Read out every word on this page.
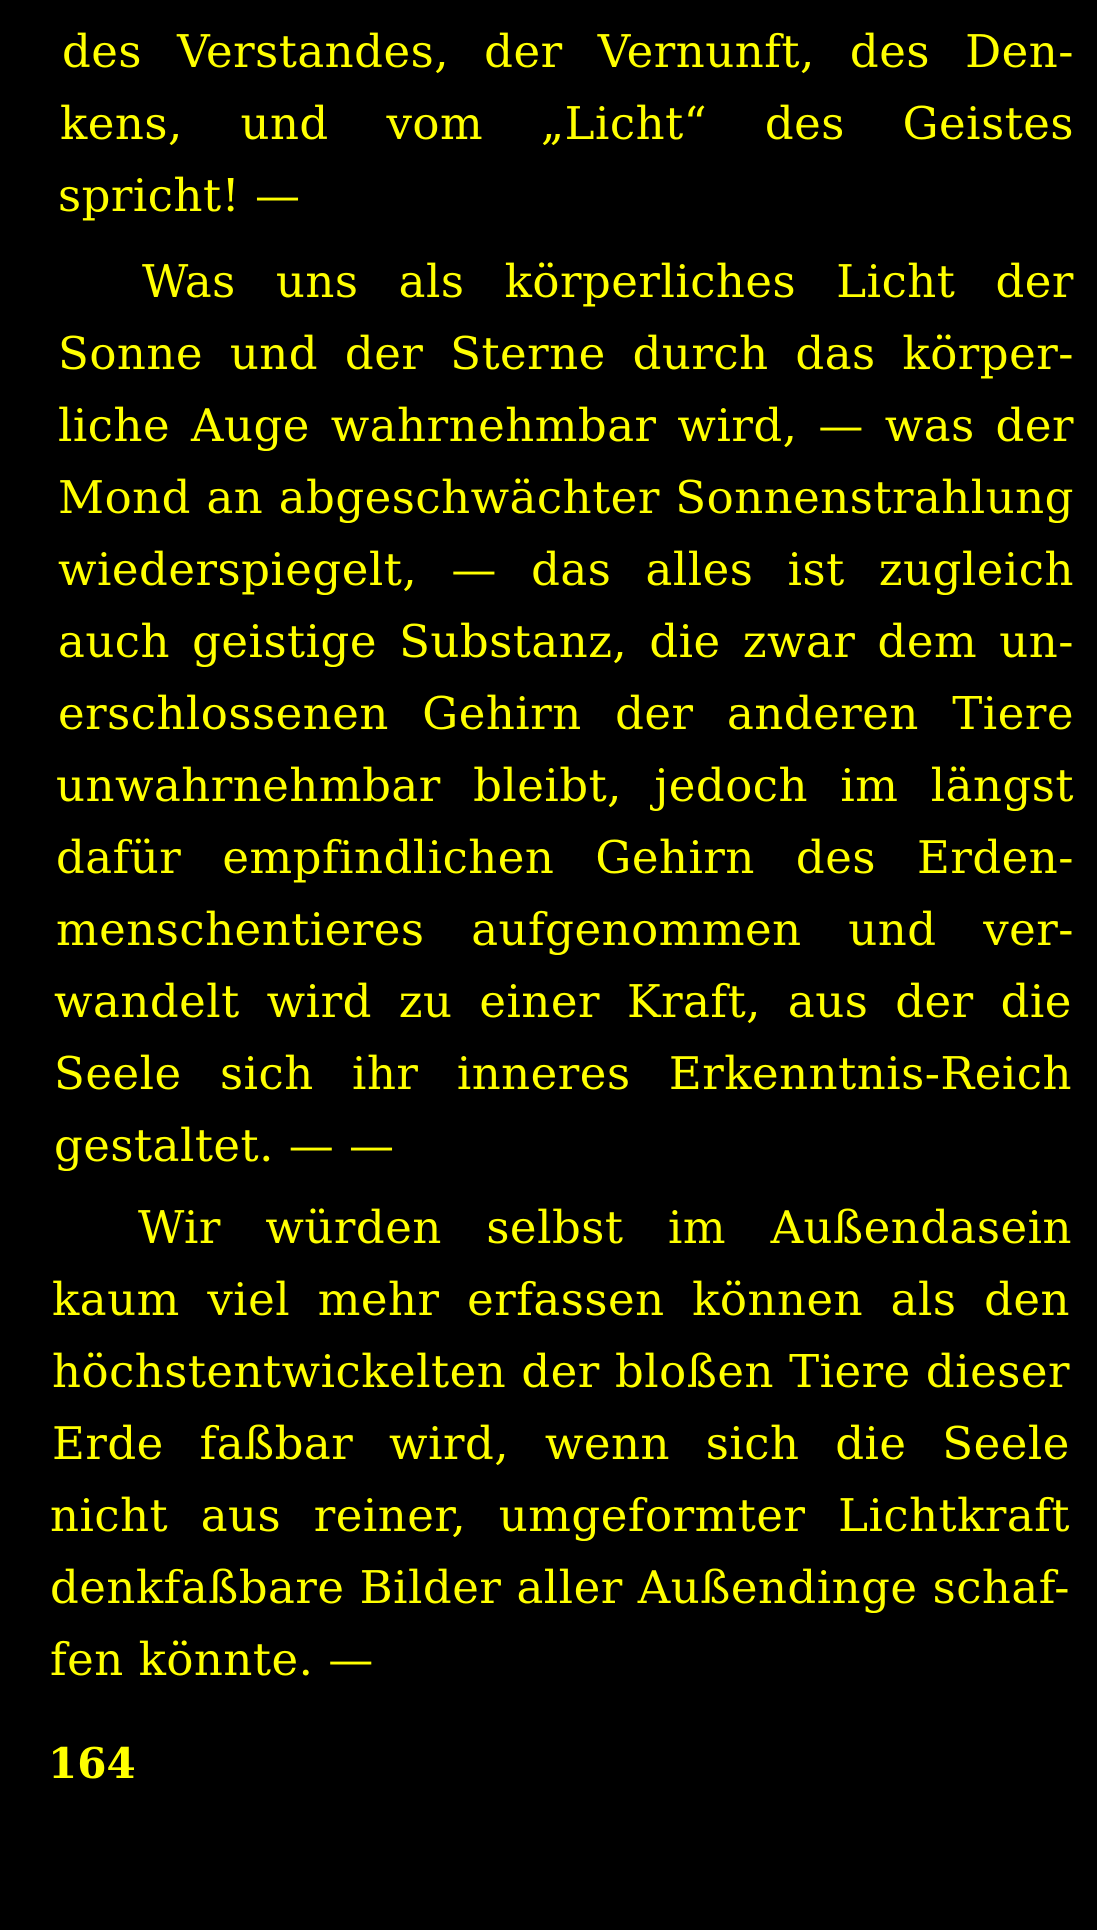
des Verstandes, der Vernunft, des Den-
kens, und vom „Licht“ des Geistes
spricht! —
Was uns als körperliches Licht der
Sonne und der Sterne durch das körper-
liche Auge wahrnehmbar wird, — was der
Mond an abgeschwächter Sonnenstrahlung
wiederspiegelt, — das alles ist zugleich
auch geistige Substanz, die zwar dem un-
erschlossenen Gehirn der anderen Tiere
unwahrnehmbar bleibt, jedoch im längst
dafür empfindlichen Gehirn des Erden-
menschentieres aufgenommen und ver-
wandelt wird zu einer Kraft, aus der die
Seele sich ihr inneres Erkenntnis-Reich
gestaltet. — —
Wir würden selbst im Außendasein
kaum viel mehr erfassen können als den
höchstentwickelten der bloßen Tiere dieser
Erde faßbar wird, wenn sich die Seele
nicht aus reiner, umgeformter Lichtkraft
denkfaßbare Bilder aller Außendinge schaf-
fen könnte. —
164
